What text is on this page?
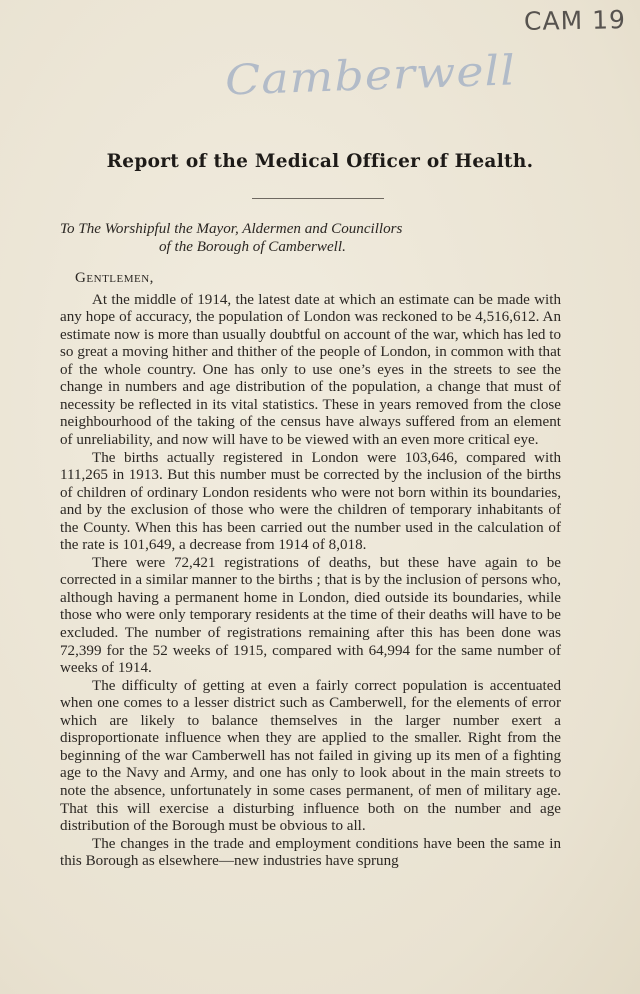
CAM 19
Camberwell
Report of the Medical Officer of Health.

To The Worshipful the Mayor, Aldermen and Councillors

of the Borough of Camberwell.

Gentlemen,

At the middle of 1914, the latest date at which an estimate can be made with any hope of accuracy, the population of London was reckoned to be 4,516,612. An estimate now is more than usually doubtful on account of the war, which has led to so great a moving hither and thither of the people of London, in common with that of the whole country. One has only to use one’s eyes in the streets to see the change in numbers and age distribution of the population, a change that must of necessity be reflected in its vital statistics. These in years removed from the close neighbourhood of the taking of the census have always suffered from an element of unreliability, and now will have to be viewed with an even more critical eye.

The births actually registered in London were 103,646, compared with 111,265 in 1913. But this number must be corrected by the inclusion of the births of children of ordinary London residents who were not born within its boundaries, and by the exclusion of those who were the children of temporary inhabitants of the County. When this has been carried out the number used in the calculation of the rate is 101,649, a decrease from 1914 of 8,018.

There were 72,421 registrations of deaths, but these have again to be corrected in a similar manner to the births ; that is by the inclusion of persons who, although having a permanent home in London, died outside its boundaries, while those who were only temporary residents at the time of their deaths will have to be excluded. The number of registrations remaining after this has been done was 72,399 for the 52 weeks of 1915, compared with 64,994 for the same number of weeks of 1914.

The difficulty of getting at even a fairly correct population is accentuated when one comes to a lesser district such as Camberwell, for the elements of error which are likely to balance themselves in the larger number exert a disproportionate influence when they are applied to the smaller. Right from the beginning of the war Camberwell has not failed in giving up its men of a fighting age to the Navy and Army, and one has only to look about in the main streets to note the absence, unfortunately in some cases permanent, of men of military age. That this will exercise a disturbing influence both on the number and age distribution of the Borough must be obvious to all.

The changes in the trade and employment conditions have been the same in this Borough as elsewhere—new industries have sprung
